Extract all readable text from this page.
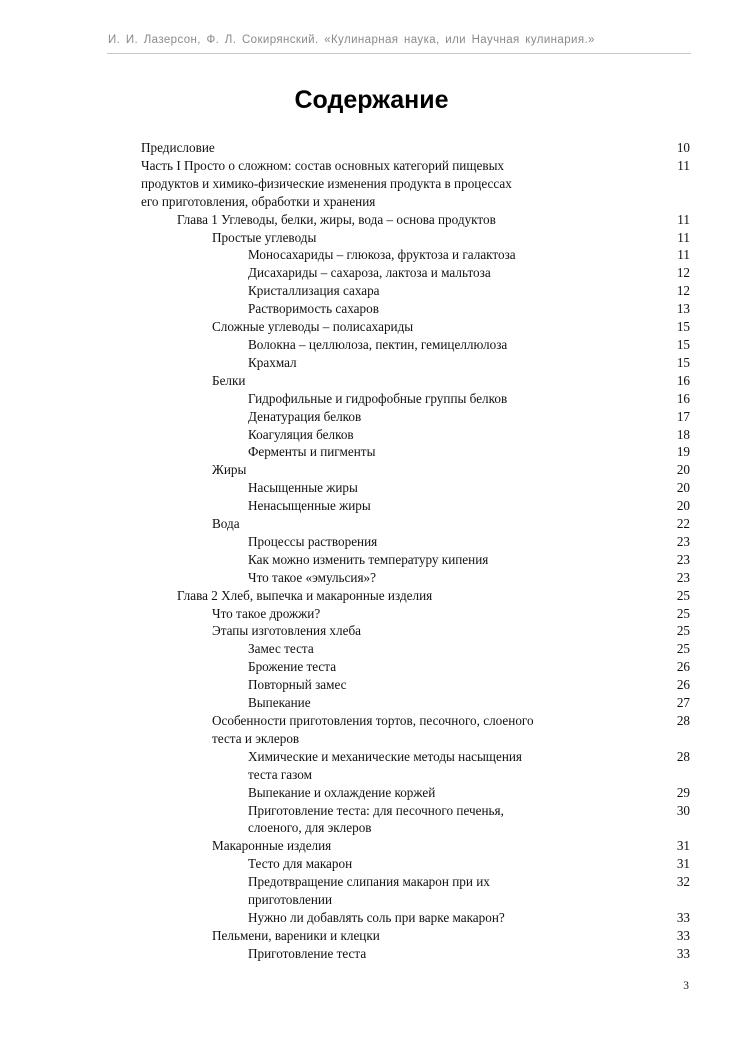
И. И. Лазерсон, Ф. Л. Сокирянский. «Кулинарная наука, или Научная кулинария.»
Содержание
Предисловие	10
Часть I Просто о сложном: состав основных категорий пищевых
продуктов и химико-физические изменения продукта в процессах
его приготовления, обработки и хранения
11
Глава 1 Углеводы, белки, жиры, вода – основа продуктов	11
Простые углеводы	11
Моносахариды – глюкоза, фруктоза и галактоза	11
Дисахариды – сахароза, лактоза и мальтоза	12
Кристаллизация сахара	12
Растворимость сахаров	13
Сложные углеводы – полисахариды	15
Волокна – целлюлоза, пектин, гемицеллюлоза	15
Крахмал	15
Белки	16
Гидрофильные и гидрофобные группы белков	16
Денатурация белков	17
Коагуляция белков	18
Ферменты и пигменты	19
Жиры	20
Насыщенные жиры	20
Ненасыщенные жиры	20
Вода	22
Процессы растворения	23
Как можно изменить температуру кипения	23
Что такое «эмульсия»?	23
Глава 2 Хлеб, выпечка и макаронные изделия	25
Что такое дрожжи?	25
Этапы изготовления хлеба	25
Замес теста	25
Брожение теста	26
Повторный замес	26
Выпекание	27
Особенности приготовления тортов, песочного, слоеного
теста и эклеров
28
Химические и механические методы насыщения
теста газом
28
Выпекание и охлаждение коржей	29
Приготовление теста: для песочного печенья,
слоеного, для эклеров
30
Макаронные изделия	31
Тесто для макарон	31
Предотвращение слипания макарон при их
приготовлении
32
Нужно ли добавлять соль при варке макарон?	33
Пельмени, вареники и клецки	33
Приготовление теста	33
3
